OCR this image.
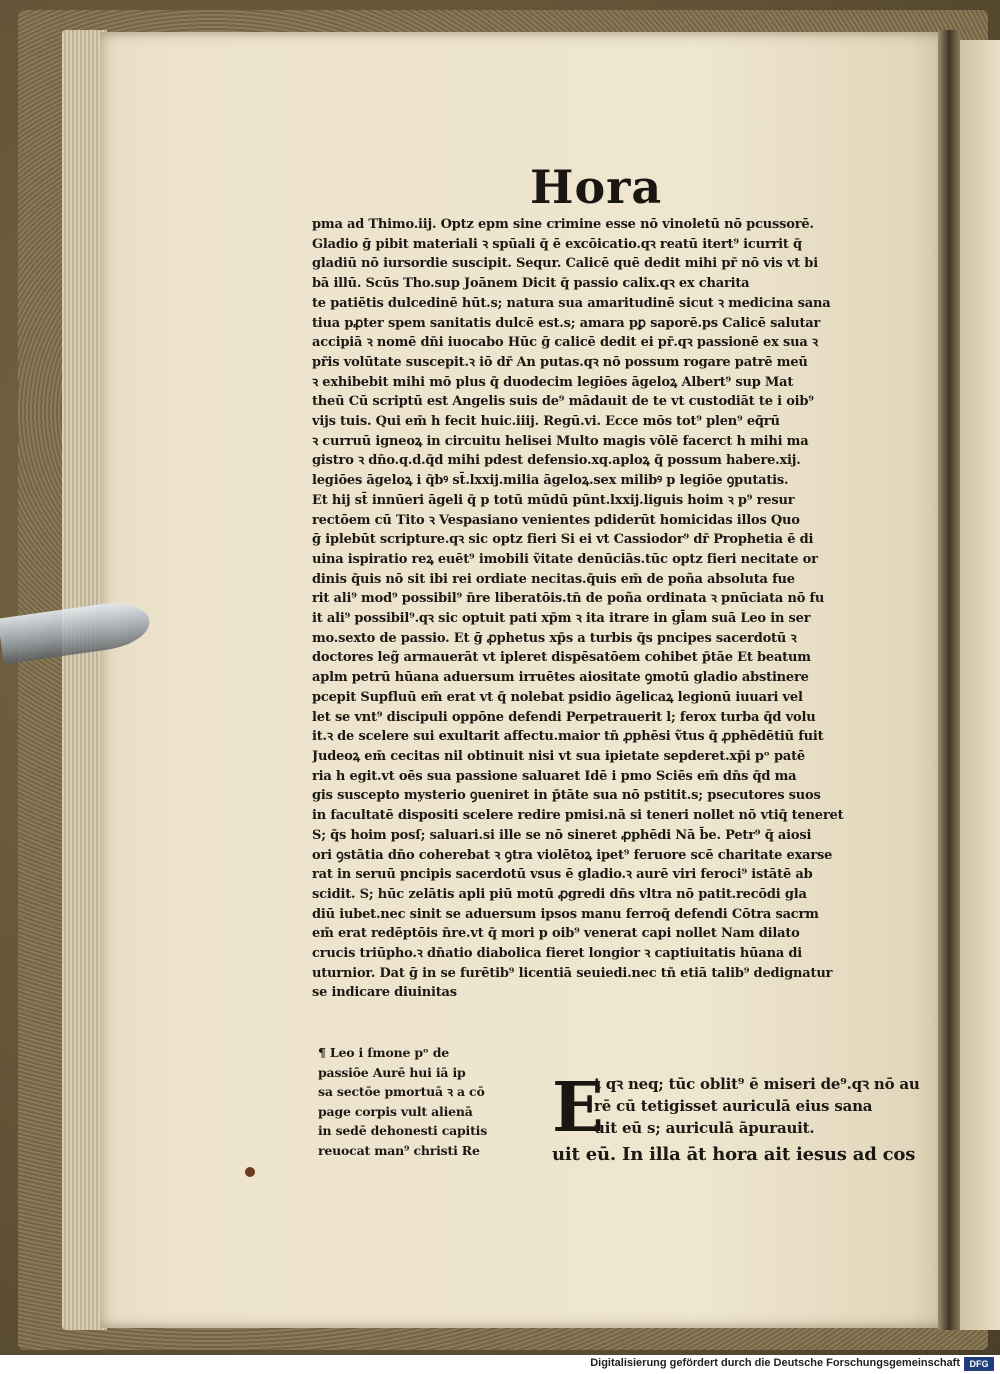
Hora
pma ad Thimo.iij. Optz epm sine crimine esse nō vinoletū nō pcussorē.
Gladio ḡ pibit materiali ꝛ spūali q̄ ē excōicatio.qꝛ reatū itert⁹ icurrit q̄
gladiū nō iursordie suscipit. Sequr. Calicē quē dedit mihi pr̄ nō vis vt bi
bā illū. Scūs Tho.sup Joānem Dicit q̄ passio calix.qꝛ ex charita
te patiētis dulcedinē hūt.s; natura sua amaritudinē sicut ꝛ medicina sana
tiua pꝓter spem sanitatis dulcē est.s; amara pꝑ saporē.ps Calicē salutar
accipiā ꝛ nomē dn̄i iuocabo Hūc ḡ calicē dedit ei pr̄.qꝛ passionē ex sua ꝛ
pr̄is volūtate suscepit.ꝛ iō dr̄ An putas.qꝛ nō possum rogare patrē meū
ꝛ exhibebit mihi mō plus q̄ duodecim legiōes āgeloꝝ Albert⁹ sup Mat
theū Cū scriptū est Angelis suis de⁹ mādauit de te vt custodiāt te i oib⁹
vijs tuis. Qui em̄ h fecit huic.iiij. Regū.vi. Ecce mōs tot⁹ plen⁹ eq̄rū
ꝛ curruū igneoꝝ in circuitu helisei Multo magis vōlē facerct h mihi ma
gistro ꝛ dn̄o.q.d.q̄d mihi pdest defensio.xq.aploꝝ q̄ possum habere.xij.
legiōes āgeloꝝ i q̄bꝰ st̄.lxxij.milia āgeloꝝ.sex milibꝰ p legiōe ꝯputatis.
Et hij st̄ innūeri āgeli q̄ p totū mūdū pūnt.lxxij.liguis hoim ꝛ p⁹ resur
rectōem cū Tito ꝛ Vespasiano venientes pdiderūt homicidas illos Quo
ḡ iplebūt scripture.qꝛ sic optz fieri Si ei vt Cassiodor⁹ dr̄ Prophetia ē di
uina ispiratio reꝝ euēt⁹ imobili ṽitate denūciās.tūc optz fieri necitate or
dinis q̄uis nō sit ibi rei ordiate necitas.q̄uis em̄ de poña absoluta fue
rit ali⁹ mod⁹ possibil⁹ n̄re liberatōis.tn̄ de poña ordinata ꝛ pnūciata nō fu
it ali⁹ possibil⁹.qꝛ sic optuit pati xp̄m ꝛ ita itrare in gl̄am suā Leo in ser
mo.sexto de passio. Et ḡ ꝓphetus xp̄s a turbis q̄s pncipes sacerdotū ꝛ
doctores leg̃ armauerāt vt ipleret dispēsatōem cohibet p̄tāe Et beatum
aplm petrū hūana aduersum irruētes aiositate ꝯmotū gladio abstinere
pcepit Supfluū em̄ erat vt q̄ nolebat psidio āgelicaꝝ legionū iuuari vel
let se vnt⁹ discipuli oppōne defendi Perpetrauerit l; ferox turba q̄d volu
it.ꝛ de scelere sui exultarit affectu.maior tn̄ ꝓphēsi ṽtus q̄ ꝓphēdētiū fuit
Judeoꝝ em̄ cecitas nil obtinuit nisi vt sua ipietate sepderet.xp̄i pᵒ patē
ria h egit.vt oēs sua passione saluaret Idē i pmo Sciēs em̄ dn̄s q̄d ma
gis suscepto mysterio ꝯueniret in p̄tāte sua nō pstitit.s; psecutores suos
in facultatē dispositi scelere redire pmisi.nā si teneri nollet nō vtiq̄ teneret
S; q̄s hoim posſ; saluari.si ille se nō sineret ꝓphēdi Nā b̄e. Petr⁹ q̄ aiosi
ori ꝯstātia dn̄o coherebat ꝛ ꝯtra violētoꝝ ipet⁹ feruore scē charitate exarse
rat in seruū pncipis sacerdotū vsus ē gladio.ꝛ aurē viri feroci⁹ istātē ab
scidit. S; hūc zelātis apli piū motū ꝓgredi dn̄s vltra nō patit.recōdi gla
diū iubet.nec sinit se aduersum ipsos manu ferroq̄ defendi Cōtra sacrm
em̄ erat redēptōis n̄re.vt q̄ mori p oib⁹ venerat capi nollet Nam dilato
crucis triūpho.ꝛ dn̄atio diabolica fieret longior ꝛ captiuitatis hūana di
uturnior. Dat ḡ in se furētib⁹ licentiā seuiedi.nec tn̄ etiā talib⁹ dedignatur
se indicare diuinitas
¶ Leo i ſmone pᵒ de
passiōe Aurē hui iā ip
sa sectōe pmortuā ꝛ a cō
page corpis vult alienā
in sedē dehonesti capitis
reuocat man⁹ christi Re
E
t qꝛ neq; tūc oblit⁹ ē miseri de⁹.qꝛ nō au
rē cū tetigisset auriculā eius sana
uit eū s; auriculā āpurauit.
uit eū. In illa āt hora ait iesus ad cos
Digitalisierung gefördert durch die Deutsche Forschungsgemeinschaft	DFG
